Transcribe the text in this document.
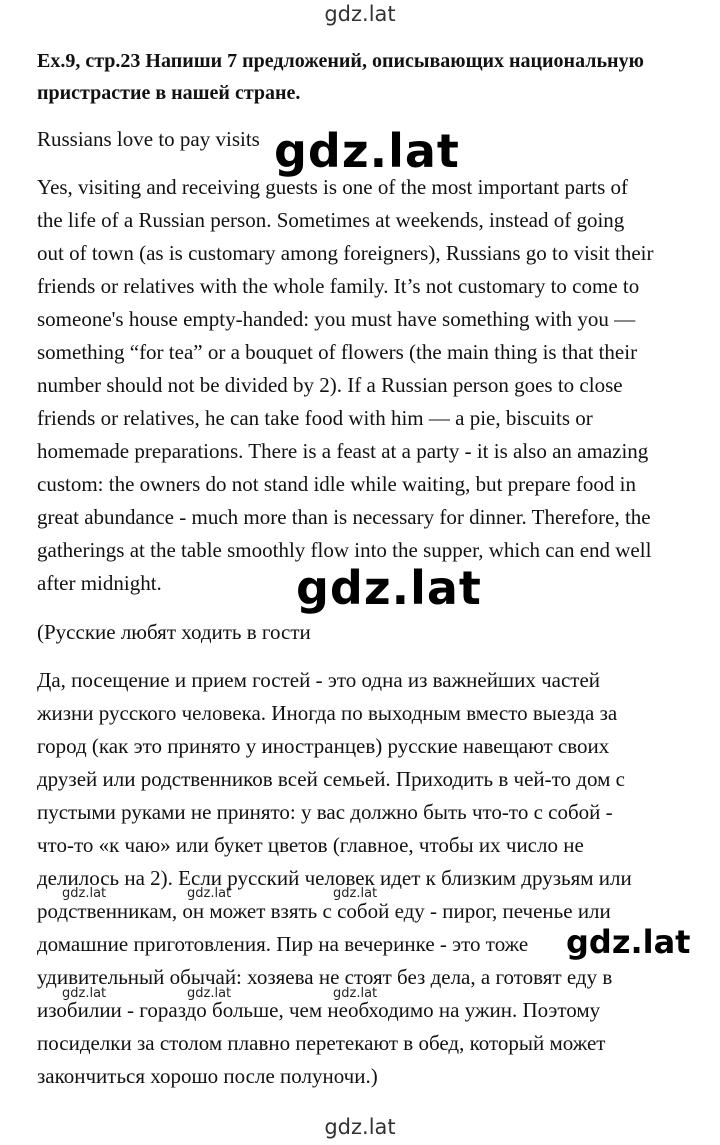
gdz.lat

Ex.9, стр.23 Напиши 7 предложений, описывающих национальную пристрастие в нашей стране.

Russians love to pay visits gdz.lat
Yes, visiting and receiving guests is one of the most important parts of
the life of a Russian person. Sometimes at weekends, instead of going
out of town (as is customary among foreigners), Russians go to visit their
friends or relatives with the whole family. It’s not customary to come to
someone's house empty-handed: you must have something with you —
something “for tea” or a bouquet of flowers (the main thing is that their
number should not be divided by 2). If a Russian person goes to close
friends or relatives, he can take food with him — a pie, biscuits or
homemade preparations. There is a feast at a party - it is also an amazing
custom: the owners do not stand idle while waiting, but prepare food in
great abundance - much more than is necessary for dinner. Therefore, the
gatherings at the table smoothly flow into the supper, which can end well
after midnight.	gdz.lat
(Русские любят ходить в гости
Да, посещение и прием гостей - это одна из важнейших частей
жизни русского человека. Иногда по выходным вместо выезда за
город (как это принято у иностранцев) русские навещают своих
друзей или родственников всей семьей. Приходить в чей-то дом с
пустыми руками не принято: у вас должно быть что-то с собой -
что-то «к чаю» или букет цветов (главное, чтобы их число не
делилось на 2). Если русский человек идет к близким друзьям или
родственникам, он может взять с собой еду - пирог, печенье или
домашние приготовления. Пир на вечеринке - это тоже
удивительный обычай: хозяева не стоят без дела, а готовят еду в
изобилии - гораздо больше, чем необходимо на ужин. Поэтому
посиделки за столом плавно перетекают в обед, который может
закончиться хорошо после полуночи.)
gdz.lat	gdz.lat	gdz.lat
gdz.lat	gdz.lat	gdz.lat
gdz.lat
gdz.lat
